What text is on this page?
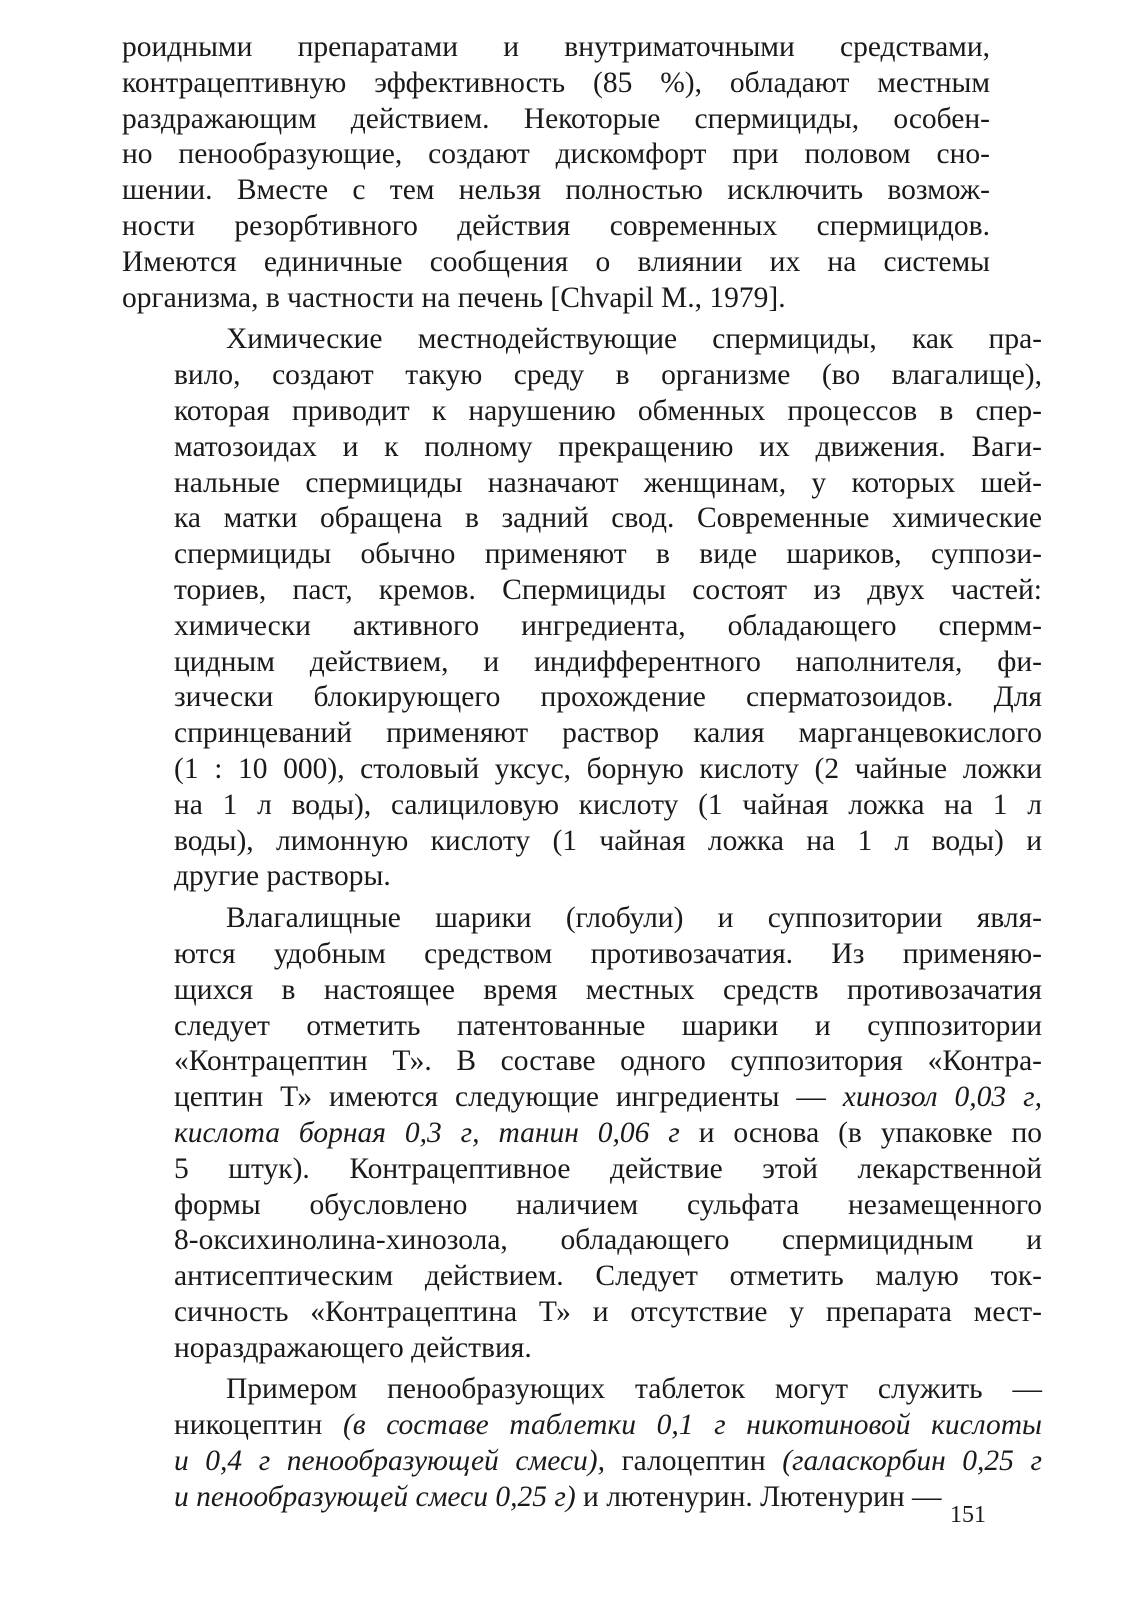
роидными препаратами и внутриматочными средствами,
контрацептивную эффективность (85 %), обладают местным
раздражающим действием. Некоторые спермициды, особен-
но пенообразующие, создают дискомфорт при половом сно-
шении. Вместе с тем нельзя полностью исключить возмож-
ности резорбтивного действия современных спермицидов.
Имеются единичные сообщения о влиянии их на системы
организма, в частности на печень [Chvapil M., 1979].
Химические местнодействующие спермициды, как пра-
вило, создают такую среду в организме (во влагалище),
которая приводит к нарушению обменных процессов в спер-
матозоидах и к полному прекращению их движения. Ваги-
нальные спермициды назначают женщинам, у которых шей-
ка матки обращена в задний свод. Современные химические
спермициды обычно применяют в виде шариков, суппози-
ториев, паст, кремов. Спермициды состоят из двух частей:
химически активного ингредиента, обладающего спермм-
цидным действием, и индифферентного наполнителя, фи-
зически блокирующего прохождение сперматозоидов. Для
спринцеваний применяют раствор калия марганцевокислого
(1 : 10 000), столовый уксус, борную кислоту (2 чайные ложки
на 1 л воды), салициловую кислоту (1 чайная ложка на 1 л
воды), лимонную кислоту (1 чайная ложка на 1 л воды) и
другие растворы.
Влагалищные шарики (глобули) и суппозитории явля-
ются удобным средством противозачатия. Из применяю-
щихся в настоящее время местных средств противозачатия
следует отметить патентованные шарики и суппозитории
«Контрацептин Т». В составе одного суппозитория «Контра-
цептин Т» имеются следующие ингредиенты — хинозол 0,03 г,
кислота борная 0,3 г, танин 0,06 г и основа (в упаковке по
5 штук). Контрацептивное действие этой лекарственной
формы обусловлено наличием сульфата незамещенного
8-оксихинолина-хинозола, обладающего спермицидным и
антисептическим действием. Следует отметить малую ток-
сичность «Контрацептина Т» и отсутствие у препарата мест-
нораздражающего действия.
Примером пенообразующих таблеток могут служить —
никоцептин (в составе таблетки 0,1 г никотиновой кислоты
и 0,4 г пенообразующей смеси), галоцептин (галаскорбин 0,25 г
и пенообразующей смеси 0,25 г) и лютенурин. Лютенурин —
151
